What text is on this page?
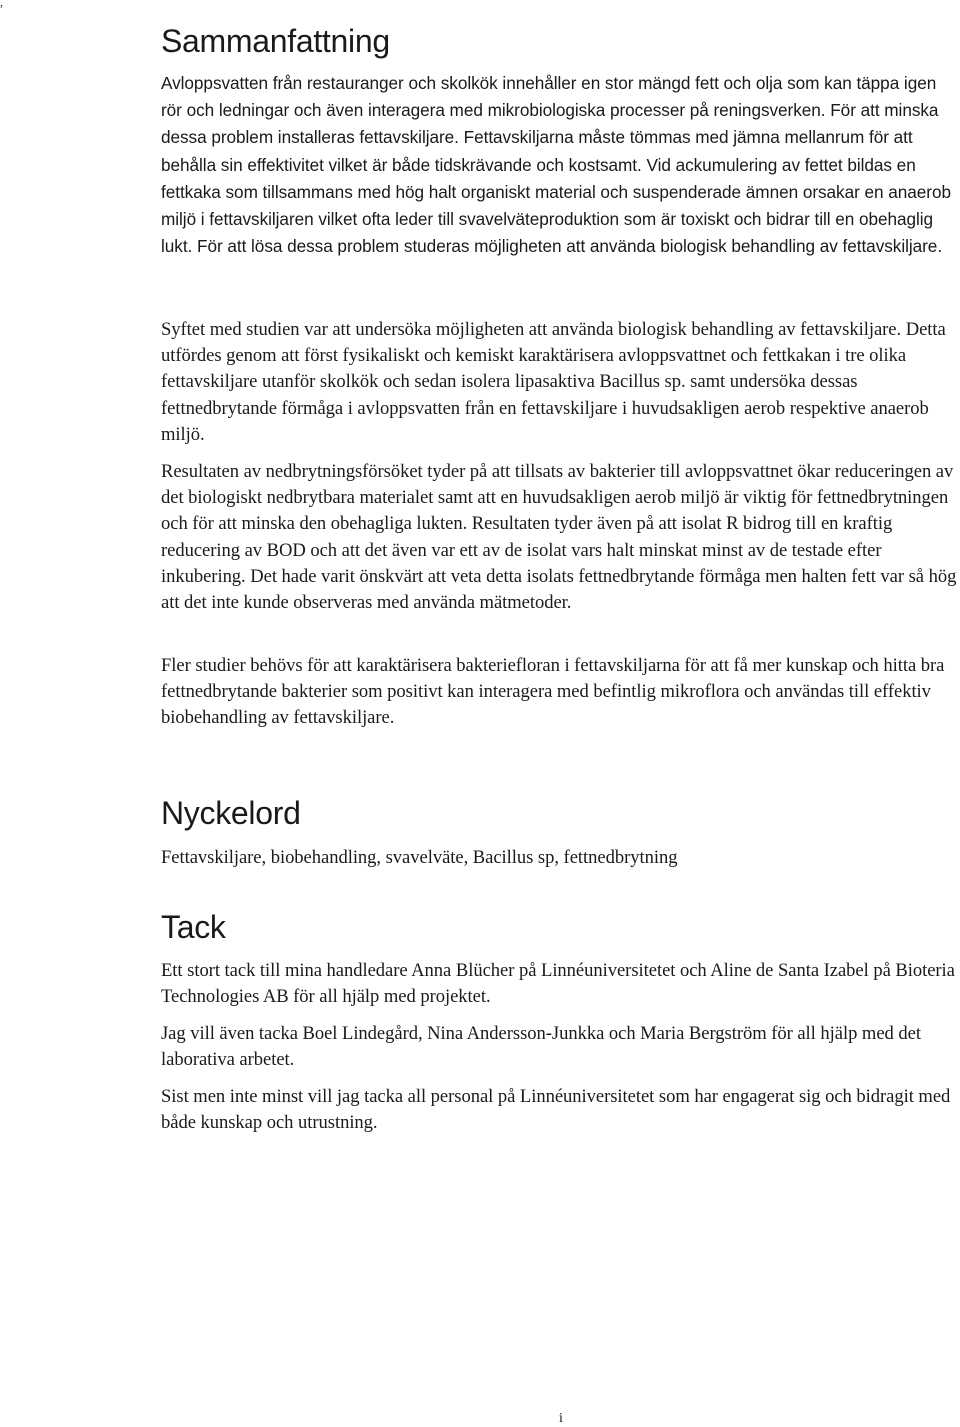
,
Sammanfattning

Avloppsvatten från restauranger och skolkök innehåller en stor mängd fett och olja som kan täppa igen rör och ledningar och även interagera med mikrobiologiska processer på reningsverken. För att minska dessa problem installeras fettavskiljare. Fettavskiljarna måste tömmas med jämna mellanrum för att behålla sin effektivitet vilket är både tidskrävande och kostsamt. Vid ackumulering av fettet bildas en fettkaka som tillsammans med hög halt organiskt material och suspenderade ämnen orsakar en anaerob miljö i fettavskiljaren vilket ofta leder till svavelväteproduktion som är toxiskt och bidrar till en obehaglig lukt. För att lösa dessa problem studeras möjligheten att använda biologisk behandling av fettavskiljare.

Syftet med studien var att undersöka möjligheten att använda biologisk behandling av fettavskiljare. Detta utfördes genom att först fysikaliskt och kemiskt karaktärisera avloppsvattnet och fettkakan i tre olika fettavskiljare utanför skolkök och sedan isolera lipasaktiva Bacillus sp. samt undersöka dessas fettnedbrytande förmåga i avloppsvatten från en fettavskiljare i huvudsakligen aerob respektive anaerob miljö.

Resultaten av nedbrytningsförsöket tyder på att tillsats av bakterier till avloppsvattnet ökar reduceringen av det biologiskt nedbrytbara materialet samt att en huvudsakligen aerob miljö är viktig för fettnedbrytningen och för att minska den obehagliga lukten. Resultaten tyder även på att isolat R bidrog till en kraftig reducering av BOD och att det även var ett av de isolat vars halt minskat minst av de testade efter inkubering. Det hade varit önskvärt att veta detta isolats fettnedbrytande förmåga men halten fett var så hög att det inte kunde observeras med använda mätmetoder.

Fler studier behövs för att karaktärisera bakteriefloran i fettavskiljarna för att få mer kunskap och hitta bra fettnedbrytande bakterier som positivt kan interagera med befintlig mikroflora och användas till effektiv biobehandling av fettavskiljare.

Nyckelord

Fettavskiljare, biobehandling, svavelväte, Bacillus sp, fettnedbrytning

Tack

Ett stort tack till mina handledare Anna Blücher på Linnéuniversitetet och Aline de Santa Izabel på Bioteria Technologies AB för all hjälp med projektet.

Jag vill även tacka Boel Lindegård, Nina Andersson-Junkka och Maria Bergström för all hjälp med det laborativa arbetet.

Sist men inte minst vill jag tacka all personal på Linnéuniversitetet som har engagerat sig och bidragit med både kunskap och utrustning.

i
